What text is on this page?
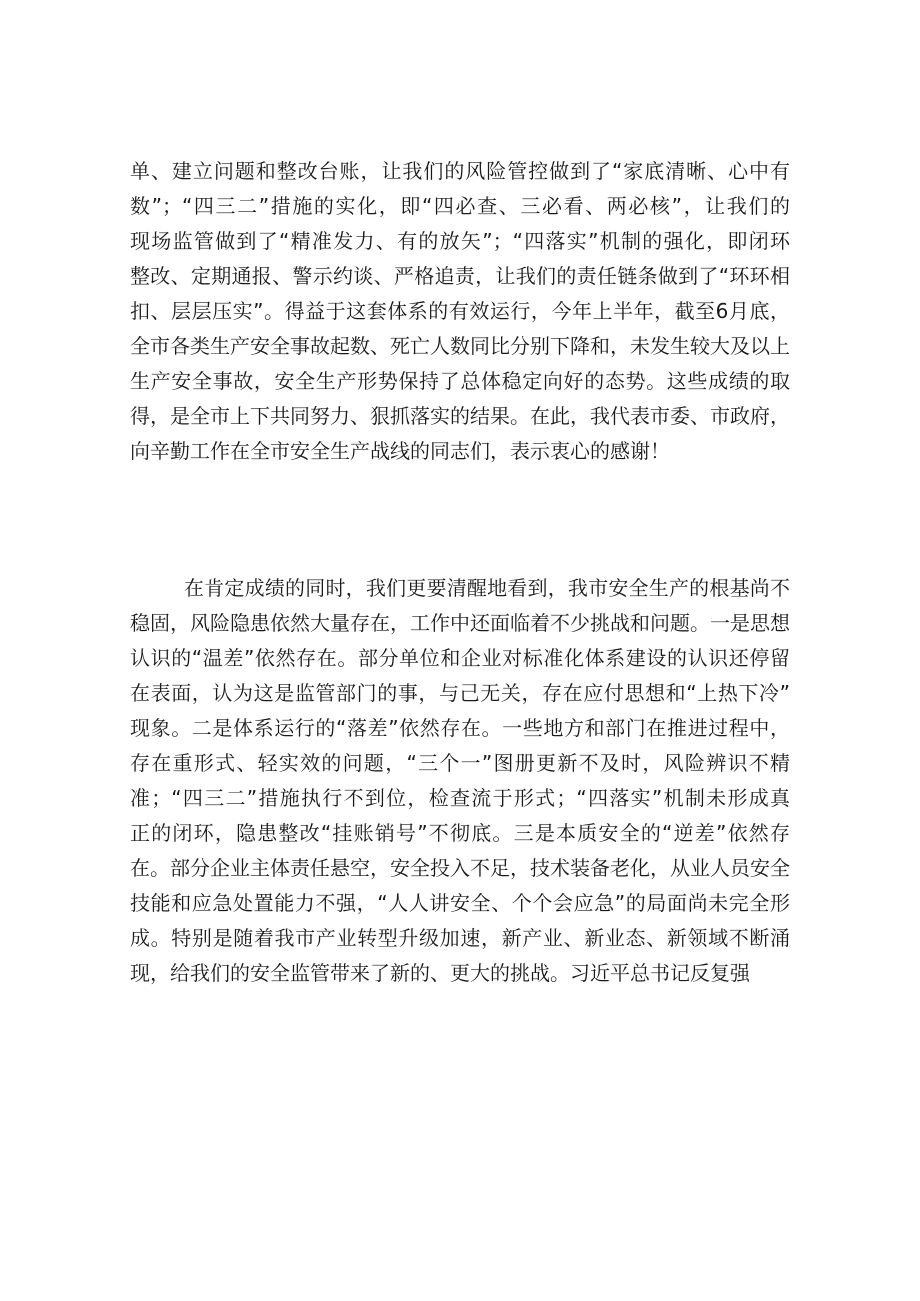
单、建立问题和整改台账，让我们的风险管控做到了“家底清晰、心中有
数”；“四三二”措施的实化，即“四必查、三必看、两必核”，让我们的
现场监管做到了“精准发力、有的放矢”；“四落实”机制的强化，即闭环
整改、定期通报、警示约谈、严格追责，让我们的责任链条做到了“环环相
扣、层层压实”。得益于这套体系的有效运行，今年上半年，截至6月底，
全市各类生产安全事故起数、死亡人数同比分别下降和，未发生较大及以上
生产安全事故，安全生产形势保持了总体稳定向好的态势。这些成绩的取
得，是全市上下共同努力、狠抓落实的结果。在此，我代表市委、市政府，
向辛勤工作在全市安全生产战线的同志们，表示衷心的感谢！

在肯定成绩的同时，我们更要清醒地看到，我市安全生产的根基尚不
稳固，风险隐患依然大量存在，工作中还面临着不少挑战和问题。一是思想
认识的“温差”依然存在。部分单位和企业对标准化体系建设的认识还停留
在表面，认为这是监管部门的事，与己无关，存在应付思想和“上热下冷”
现象。二是体系运行的“落差”依然存在。一些地方和部门在推进过程中，
存在重形式、轻实效的问题，“三个一”图册更新不及时，风险辨识不精
准；“四三二”措施执行不到位，检查流于形式；“四落实”机制未形成真
正的闭环，隐患整改“挂账销号”不彻底。三是本质安全的“逆差”依然存
在。部分企业主体责任悬空，安全投入不足，技术装备老化，从业人员安全
技能和应急处置能力不强，“人人讲安全、个个会应急”的局面尚未完全形
成。特别是随着我市产业转型升级加速，新产业、新业态、新领域不断涌
现，给我们的安全监管带来了新的、更大的挑战。习近平总书记反复强
